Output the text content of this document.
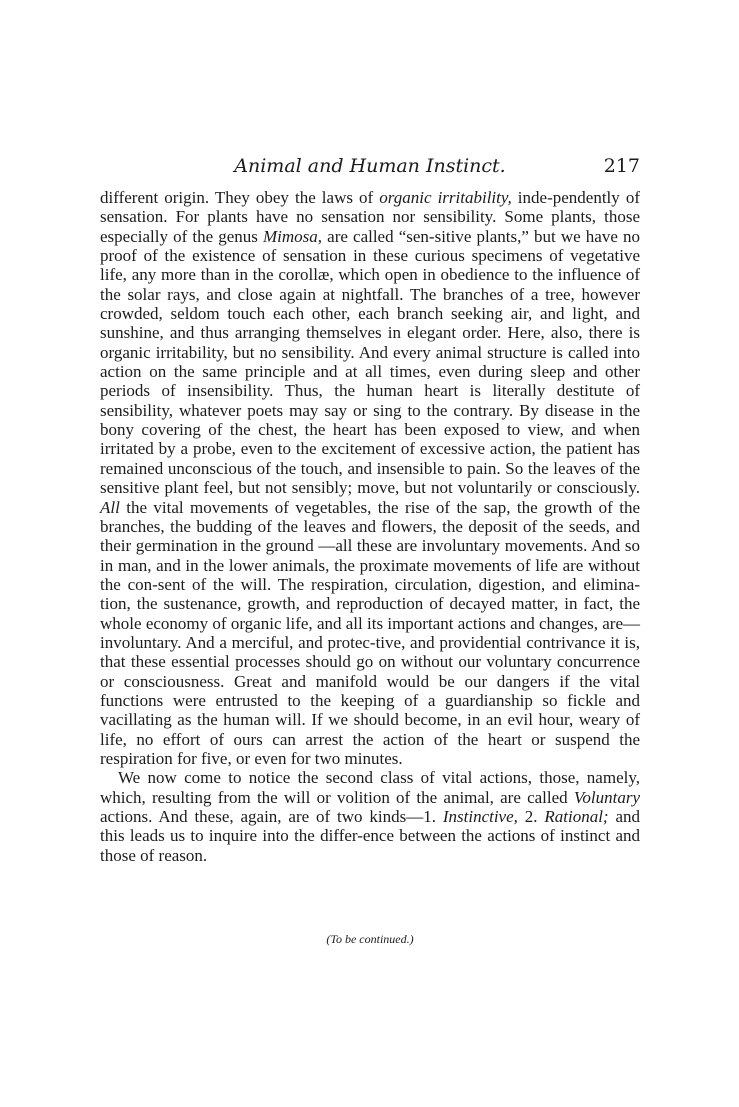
Animal and Human Instinct.	217

different origin. They obey the laws of organic irritability, inde-pendently of sensation. For plants have no sensation nor sensibility. Some plants, those especially of the genus Mimosa, are called “sen-sitive plants,” but we have no proof of the existence of sensation in these curious specimens of vegetative life, any more than in the corollæ, which open in obedience to the influence of the solar rays, and close again at nightfall. The branches of a tree, however crowded, seldom touch each other, each branch seeking air, and light, and sunshine, and thus arranging themselves in elegant order. Here, also, there is organic irritability, but no sensibility. And every animal structure is called into action on the same principle and at all times, even during sleep and other periods of insensibility. Thus, the human heart is literally destitute of sensibility, whatever poets may say or sing to the contrary. By disease in the bony covering of the chest, the heart has been exposed to view, and when irritated by a probe, even to the excitement of excessive action, the patient has remained unconscious of the touch, and insensible to pain. So the leaves of the sensitive plant feel, but not sensibly; move, but not voluntarily or consciously. All the vital movements of vegetables, the rise of the sap, the growth of the branches, the budding of the leaves and flowers, the deposit of the seeds, and their germination in the ground —all these are involuntary movements. And so in man, and in the lower animals, the proximate movements of life are without the con-sent of the will. The respiration, circulation, digestion, and elimina-tion, the sustenance, growth, and reproduction of decayed matter, in fact, the whole economy of organic life, and all its important actions and changes, are—involuntary. And a merciful, and protec-tive, and providential contrivance it is, that these essential processes should go on without our voluntary concurrence or consciousness. Great and manifold would be our dangers if the vital functions were entrusted to the keeping of a guardianship so fickle and vacillating as the human will. If we should become, in an evil hour, weary of life, no effort of ours can arrest the action of the heart or suspend the respiration for five, or even for two minutes.

We now come to notice the second class of vital actions, those, namely, which, resulting from the will or volition of the animal, are called Voluntary actions. And these, again, are of two kinds—1. Instinctive, 2. Rational; and this leads us to inquire into the differ-ence between the actions of instinct and those of reason.

(To be continued.)
